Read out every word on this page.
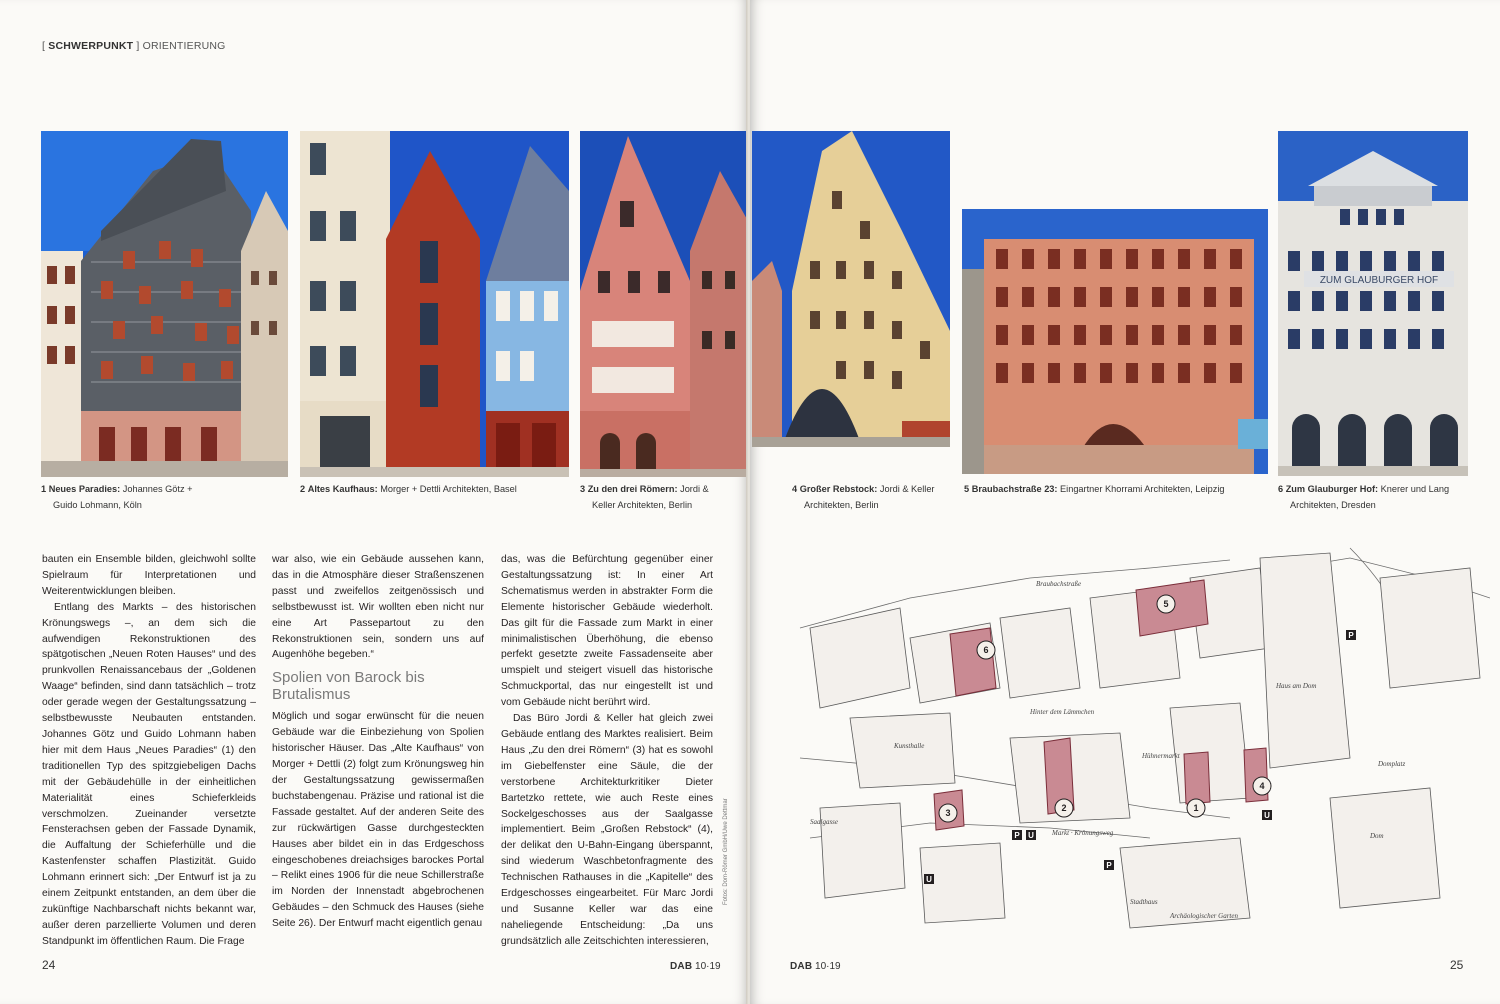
[ SCHWERPUNKT ] ORIENTIERUNG
1 Neues Paradies: Johannes Götz +
Guido Lohmann, Köln
2 Altes Kaufhaus: Morger + Dettli Architekten, Basel	3 Zu den drei Römern: Jordi &
Keller Architekten, Berlin

bauten ein Ensemble bilden, gleichwohl sollte Spielraum für Interpretationen und Weiterentwicklungen bleiben.

Entlang des Markts – des historischen Krönungswegs –, an dem sich die aufwendigen Rekonstruktionen des spätgotischen „Neuen Roten Hauses“ und des prunkvollen Renaissancebaus der „Goldenen Waage“ befinden, sind dann tatsächlich – trotz oder gerade wegen der Gestaltungssatzung – selbstbewusste Neubauten entstanden. Johannes Götz und Guido Lohmann haben hier mit dem Haus „Neues Paradies“ (1) den traditionellen Typ des spitzgiebeligen Dachs mit der Gebäudehülle in der einheitlichen Materialität eines Schieferkleids verschmolzen. Zueinander versetzte Fensterachsen geben der Fassade Dynamik, die Auffaltung der Schieferhülle und die Kastenfenster schaffen Plastizität. Guido Lohmann erinnert sich: „Der Entwurf ist ja zu einem Zeitpunkt entstanden, an dem über die zukünftige Nachbarschaft nichts bekannt war, außer deren parzellierte Volumen und deren Standpunkt im öffentlichen Raum. Die Frage

war also, wie ein Gebäude aussehen kann, das in die Atmosphäre dieser Straßenszenen passt und zweifellos zeitgenössisch und selbstbewusst ist. Wir wollten eben nicht nur eine Art Passepartout zu den Rekonstruktionen sein, sondern uns auf Augenhöhe begeben.“

Spolien von Barock bis Brutalismus

Möglich und sogar erwünscht für die neuen Gebäude war die Einbeziehung von Spolien historischer Häuser. Das „Alte Kaufhaus“ von Morger + Dettli (2) folgt zum Krönungsweg hin der Gestaltungssatzung gewissermaßen buchstabengenau. Präzise und rational ist die Fassade gestaltet. Auf der anderen Seite des zur rückwärtigen Gasse durchgesteckten Hauses aber bildet ein in das Erdgeschoss eingeschobenes dreiachsiges barockes Portal – Relikt eines 1906 für die neue Schillerstraße im Norden der Innenstadt abgebrochenen Gebäudes – den Schmuck des Hauses (siehe Seite 26). Der Entwurf macht eigentlich genau

das, was die Befürchtung gegenüber einer Gestaltungssatzung ist: In einer Art Schematismus werden in abstrakter Form die Elemente historischer Gebäude wiederholt. Das gilt für die Fassade zum Markt in einer minimalistischen Überhöhung, die ebenso perfekt gesetzte zweite Fassadenseite aber umspielt und steigert visuell das historische Schmuckportal, das nur eingestellt ist und vom Gebäude nicht berührt wird.

Das Büro Jordi & Keller hat gleich zwei Gebäude entlang des Marktes realisiert. Beim Haus „Zu den drei Römern“ (3) hat es sowohl im Giebelfenster eine Säule, die der verstorbene Architekturkritiker Dieter Bartetzko rettete, wie auch Reste eines Sockelgeschosses aus der Saalgasse implementiert. Beim „Großen Rebstock“ (4), der delikat den U-Bahn-Eingang überspannt, sind wiederum Waschbetonfragmente des Technischen Rathauses in die „Kapitelle“ des Erdgeschosses eingearbeitet. Für Marc Jordi und Susanne Keller war das eine naheliegende Entscheidung: „Da uns grundsätzlich alle Zeitschichten interessieren,

Fotos: Dom-Römer GmbH/Uwe Dettmar
24	DAB 10·19
4 Großer Rebstock: Jordi & Keller
Architekten, Berlin
5 Braubachstraße 23: Eingartner Khorrami Architekten, Leipzig
ZUM GLAUBURGER HOF
6 Zum Glauburger Hof: Knerer und Lang
Architekten, Dresden
25
DAB 10·19
1
2
3
4
5
6
P U
U
U
P
P
Braubachstraße
Hinter dem Lämmchen
Markt · Krönungsweg
Hühnermarkt
Kunsthalle
Stadthaus
Domplatz
Saalgasse
Haus am Dom
Dom
Archäologischer Garten
